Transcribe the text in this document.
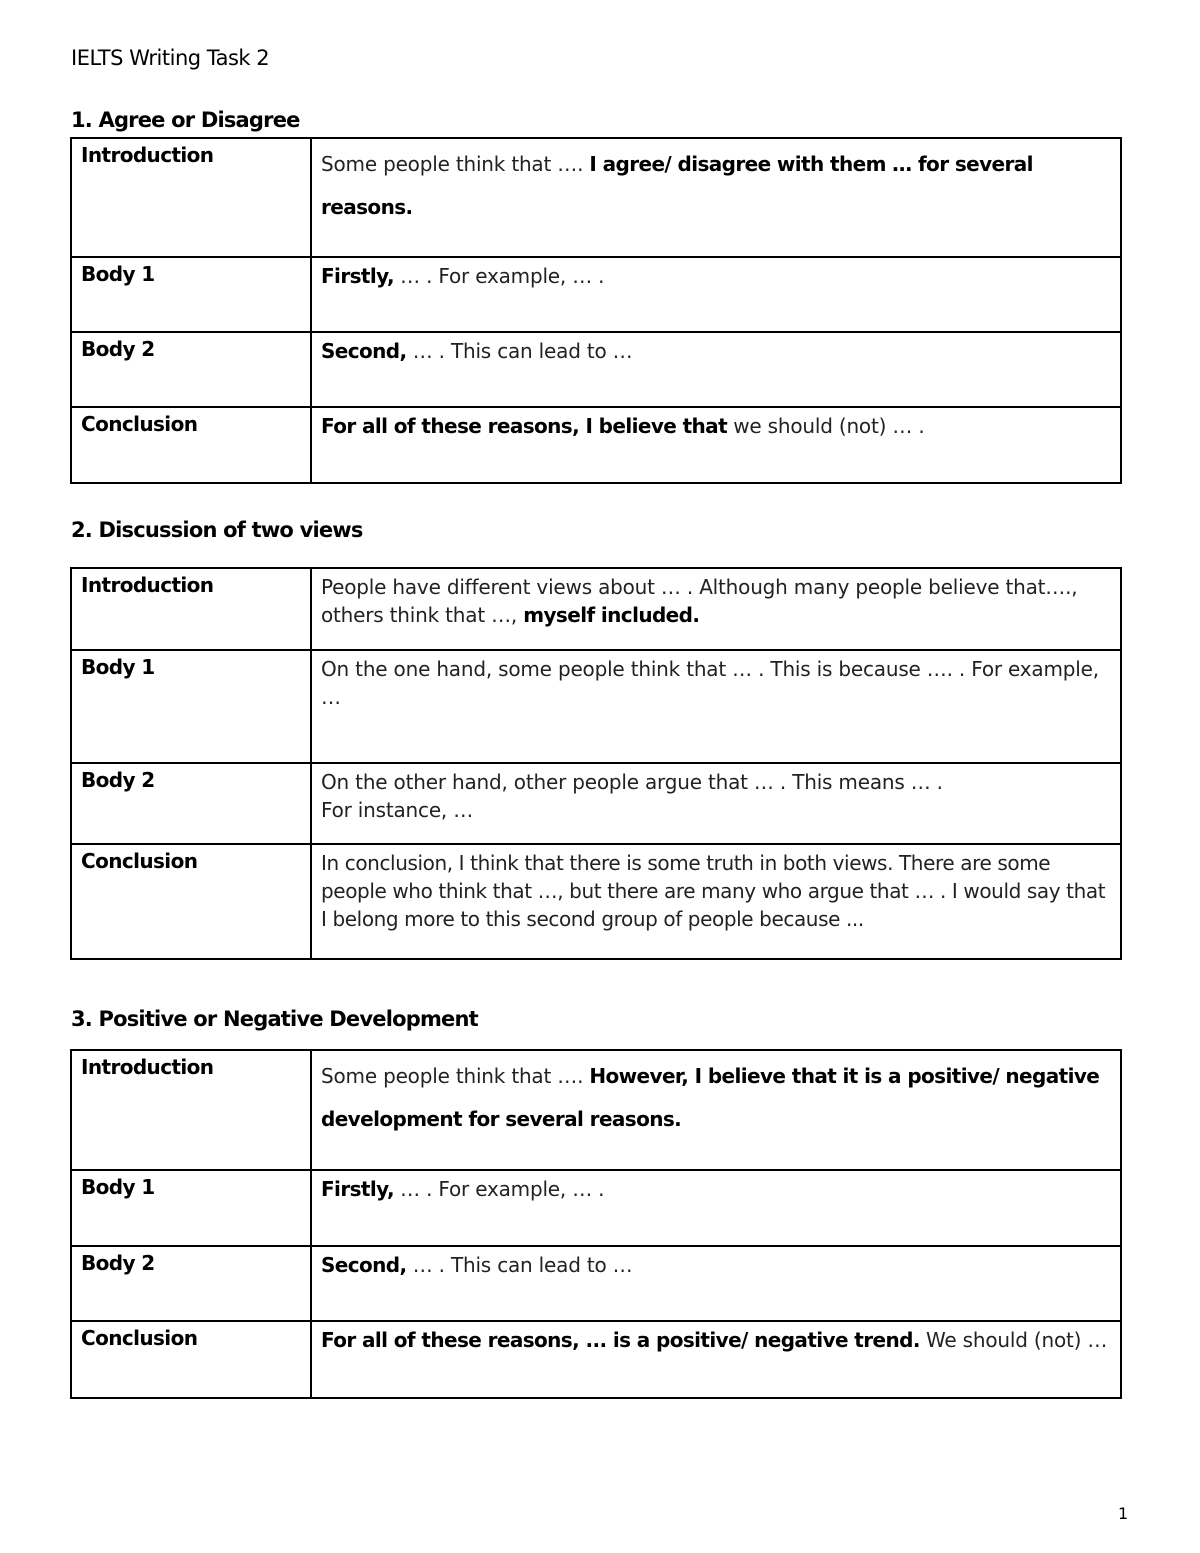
IELTS Writing Task 2
1. Agree or Disagree
Introduction	Some people think that …. I agree/ disagree with them … for several reasons.
Body 1	Firstly, … . For example, … .
Body 2	Second, … . This can lead to …
Conclusion	For all of these reasons, I believe that we should (not) … .
2. Discussion of two views
Introduction	People have different views about … . Although many people believe that…., others think that …, myself included.
Body 1	On the one hand, some people think that … . This is because …. . For example, …
Body 2	On the other hand, other people argue that … . This means … .
For instance, …
Conclusion	In conclusion, I think that there is some truth in both views. There are some people who think that …, but there are many who argue that … . I would say that I belong more to this second group of people because ...
3. Positive or Negative Development
Introduction	Some people think that …. However, I believe that it is a positive/ negative development for several reasons.
Body 1	Firstly, … . For example, … .
Body 2	Second, … . This can lead to …
Conclusion	For all of these reasons, ... is a positive/ negative trend. We should (not) …
1
